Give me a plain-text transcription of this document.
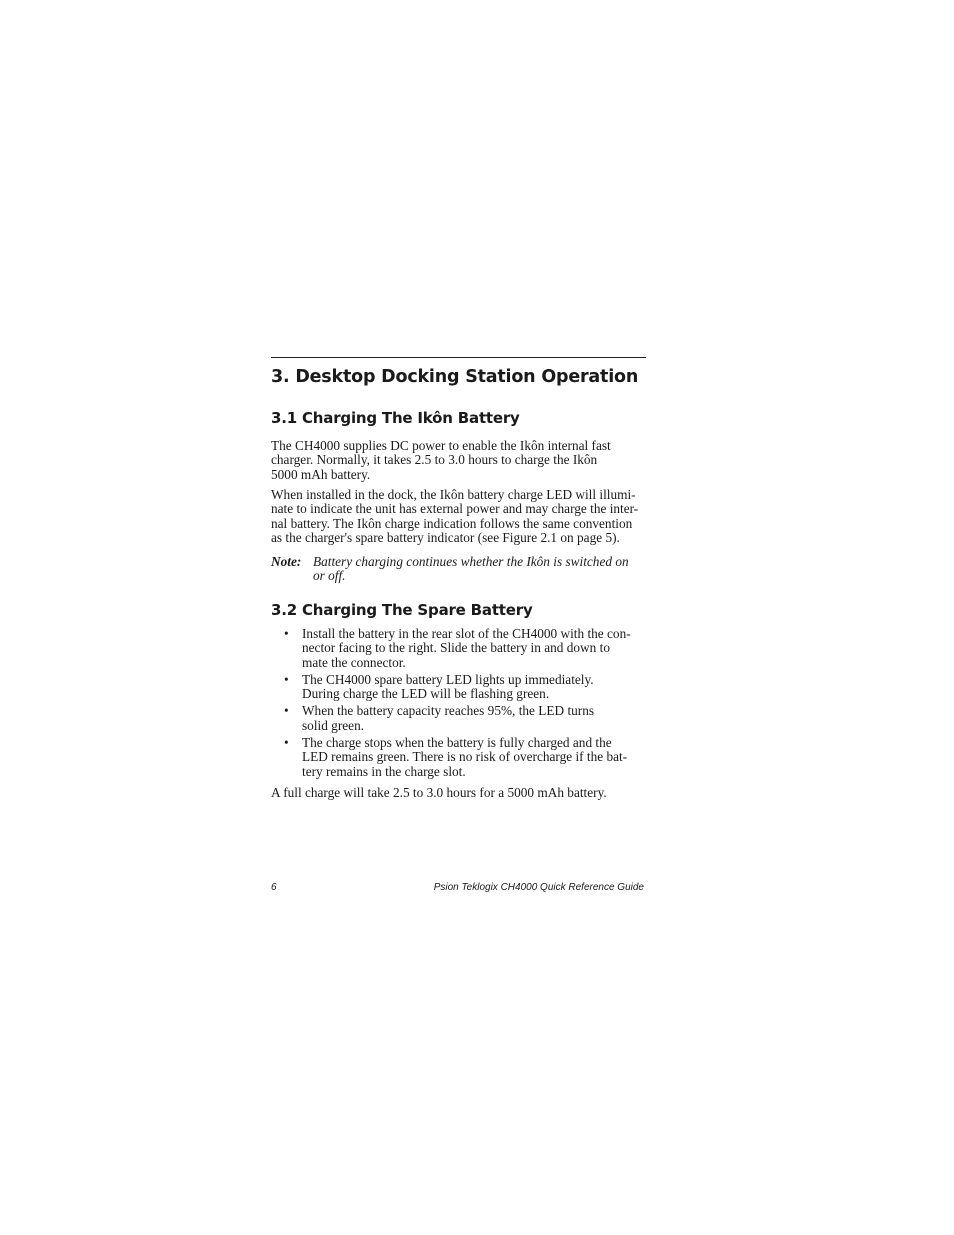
3. Desktop Docking Station Operation
3.1 Charging The Ikôn Battery
The CH4000 supplies DC power to enable the Ikôn internal fast
charger. Normally, it takes 2.5 to 3.0 hours to charge the Ikôn
5000 mAh battery.
When installed in the dock, the Ikôn battery charge LED will illumi-
nate to indicate the unit has external power and may charge the inter-
nal battery. The Ikôn charge indication follows the same convention
as the charger's spare battery indicator (see Figure 2.1 on page 5).
Note: Battery charging continues whether the Ikôn is switched on
or off.
3.2 Charging The Spare Battery
• Install the battery in the rear slot of the CH4000 with the con-
nector facing to the right. Slide the battery in and down to
mate the connector.
• The CH4000 spare battery LED lights up immediately.
During charge the LED will be flashing green.
• When the battery capacity reaches 95%, the LED turns
solid green.
• The charge stops when the battery is fully charged and the
LED remains green. There is no risk of overcharge if the bat-
tery remains in the charge slot.
A full charge will take 2.5 to 3.0 hours for a 5000 mAh battery.
6	Psion Teklogix CH4000 Quick Reference Guide
